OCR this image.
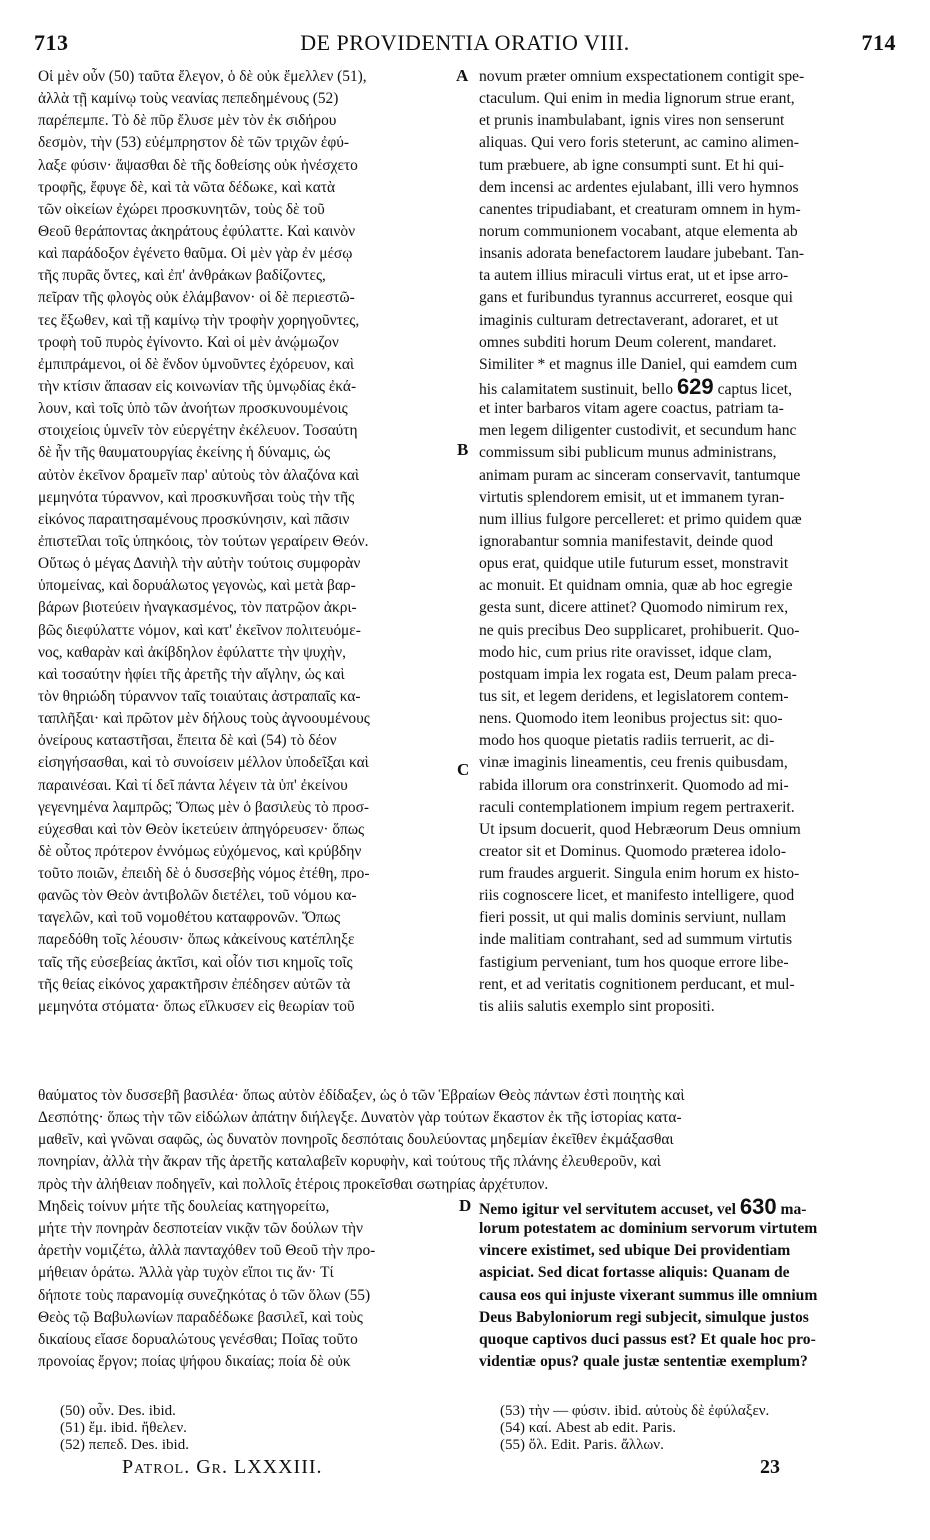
713	DE PROVIDENTIA ORATIO VIII.	714
Οἱ μὲν οὖν (50) ταῦτα ἔλεγον, ὁ δὲ οὐκ ἔμελλεν (51),
ἀλλὰ τῇ καμίνῳ τοὺς νεανίας πεπεδημένους (52)
παρέπεμπε. Τὸ δὲ πῦρ ἔλυσε μὲν τὸν ἐκ σιδήρου
δεσμὸν, τὴν (53) εὐέμπρηστον δὲ τῶν τριχῶν ἐφύ-
λαξε φύσιν· ἅψασθαι δὲ τῆς δοθείσης οὐκ ἠνέσχετο
τροφῆς, ἔφυγε δὲ, καὶ τὰ νῶτα δέδωκε, καὶ κατὰ
τῶν οἰκείων ἐχώρει προσκυνητῶν, τοὺς δὲ τοῦ
Θεοῦ θεράποντας ἀκηράτους ἐφύλαττε. Καὶ καινὸν
καὶ παράδοξον ἐγένετο θαῦμα. Οἱ μὲν γὰρ ἐν μέσῳ
τῆς πυρᾶς ὄντες, καὶ ἐπ' ἀνθράκων βαδίζοντες,
πεῖραν τῆς φλογὸς οὐκ ἐλάμβανον· οἱ δὲ περιεστῶ-
τες ἔξωθεν, καὶ τῇ καμίνῳ τὴν τροφὴν χορηγοῦντες,
τροφὴ τοῦ πυρὸς ἐγίνοντο. Καὶ οἱ μὲν ἀνῴμωζον
ἐμπιπράμενοι, οἱ δὲ ἔνδον ὑμνοῦντες ἐχόρευον, καὶ
τὴν κτίσιν ἅπασαν εἰς κοινωνίαν τῆς ὑμνῳδίας ἐκά-
λουν, καὶ τοῖς ὑπὸ τῶν ἀνοήτων προσκυνουμένοις
στοιχείοις ὑμνεῖν τὸν εὐεργέτην ἐκέλευον. Τοσαύτη
δὲ ἦν τῆς θαυματουργίας ἐκείνης ἡ δύναμις, ὡς
αὐτὸν ἐκεῖνον δραμεῖν παρ' αὐτοὺς τὸν ἀλαζόνα καὶ
μεμηνότα τύραννον, καὶ προσκυνῆσαι τοὺς τὴν τῆς
εἰκόνος παραιτησαμένους προσκύνησιν, καὶ πᾶσιν
ἐπιστεῖλαι τοῖς ὑπηκόοις, τὸν τούτων γεραίρειν Θεόν.
Οὕτως ὁ μέγας Δανιὴλ τὴν αὐτὴν τούτοις συμφορὰν
ὑπομείνας, καὶ δορυάλωτος γεγονὼς, καὶ μετὰ βαρ-
βάρων βιοτεύειν ἠναγκασμένος, τὸν πατρῷον ἀκρι-
βῶς διεφύλαττε νόμον, καὶ κατ' ἐκεῖνον πολιτευόμε-
νος, καθαρὰν καὶ ἀκίβδηλον ἐφύλαττε τὴν ψυχὴν,
καὶ τοσαύτην ἠφίει τῆς ἀρετῆς τὴν αἴγλην, ὡς καὶ
τὸν θηριώδη τύραννον ταῖς τοιαύταις ἀστραπαῖς κα-
ταπλῆξαι· καὶ πρῶτον μὲν δήλους τοὺς ἀγνοουμένους
ὀνείρους καταστῆσαι, ἔπειτα δὲ καὶ (54) τὸ δέον
εἰσηγήσασθαι, καὶ τὸ συνοίσειν μέλλον ὑποδεῖξαι καὶ
παραινέσαι. Καὶ τί δεῖ πάντα λέγειν τὰ ὑπ' ἐκείνου
γεγενημένα λαμπρῶς; Ὅπως μὲν ὁ βασιλεὺς τὸ προσ-
εύχεσθαι καὶ τὸν Θεὸν ἱκετεύειν ἀπηγόρευσεν· ὅπως
δὲ οὗτος πρότερον ἐννόμως εὐχόμενος, καὶ κρύβδην
τοῦτο ποιῶν, ἐπειδὴ δὲ ὁ δυσσεβὴς νόμος ἐτέθη, προ-
φανῶς τὸν Θεὸν ἀντιβολῶν διετέλει, τοῦ νόμου κα-
ταγελῶν, καὶ τοῦ νομοθέτου καταφρονῶν. Ὅπως
παρεδόθη τοῖς λέουσιν· ὅπως κἀκείνους κατέπληξε
ταῖς τῆς εὐσεβείας ἀκτῖσι, καὶ οἷόν τισι κημοῖς τοῖς
τῆς θείας εἰκόνος χαρακτῆρσιν ἐπέδησεν αὐτῶν τὰ
μεμηνότα στόματα· ὅπως εἵλκυσεν εἰς θεωρίαν τοῦ
novum præter omnium exspectationem contigit spe-
ctaculum. Qui enim in media lignorum strue erant,
et prunis inambulabant, ignis vires non senserunt
aliquas. Qui vero foris steterunt, ac camino alimen-
tum præbuere, ab igne consumpti sunt. Et hi qui-
dem incensi ac ardentes ejulabant, illi vero hymnos
canentes tripudiabant, et creaturam omnem in hym-
norum communionem vocabant, atque elementa ab
insanis adorata benefactorem laudare jubebant. Tan-
ta autem illius miraculi virtus erat, ut et ipse arro-
gans et furibundus tyrannus accurreret, eosque qui
imaginis culturam detrectaverant, adoraret, et ut
omnes subditi horum Deum colerent, mandaret.
Similiter * et magnus ille Daniel, qui eamdem cum
his calamitatem sustinuit, bello 629 captus licet,
et inter barbaros vitam agere coactus, patriam ta-
men legem diligenter custodivit, et secundum hanc
commissum sibi publicum munus administrans,
animam puram ac sinceram conservavit, tantumque
virtutis splendorem emisit, ut et immanem tyran-
num illius fulgore percelleret: et primo quidem quæ
ignorabantur somnia manifestavit, deinde quod
opus erat, quidque utile futurum esset, monstravit
ac monuit. Et quidnam omnia, quæ ab hoc egregie
gesta sunt, dicere attinet? Quomodo nimirum rex,
ne quis precibus Deo supplicaret, prohibuerit. Quo-
modo hic, cum prius rite oravisset, idque clam,
postquam impia lex rogata est, Deum palam preca-
tus sit, et legem deridens, et legislatorem contem-
nens. Quomodo item leonibus projectus sit: quo-
modo hos quoque pietatis radiis terruerit, ac di-
vinæ imaginis lineamentis, ceu frenis quibusdam,
rabida illorum ora constrinxerit. Quomodo ad mi-
raculi contemplationem impium regem pertraxerit.
Ut ipsum docuerit, quod Hebræorum Deus omnium
creator sit et Dominus. Quomodo præterea idolo-
rum fraudes arguerit. Singula enim horum ex histo-
riis cognoscere licet, et manifesto intelligere, quod
fieri possit, ut qui malis dominis serviunt, nullam
inde malitiam contrahant, sed ad summum virtutis
fastigium perveniant, tum hos quoque errore libe-
rent, et ad veritatis cognitionem perducant, et mul-
tis aliis salutis exemplo sint propositi.
θαύματος τὸν δυσσεβῆ βασιλέα· ὅπως αὐτὸν ἐδίδαξεν, ὡς ὁ τῶν Ἑβραίων Θεὸς πάντων ἐστὶ ποιητὴς καὶ
Δεσπότης· ὅπως τὴν τῶν εἰδώλων ἀπάτην διήλεγξε. Δυνατὸν γὰρ τούτων ἕκαστον ἐκ τῆς ἱστορίας κατα-
μαθεῖν, καὶ γνῶναι σαφῶς, ὡς δυνατὸν πονηροῖς δεσπόταις δουλεύοντας μηδεμίαν ἐκεῖθεν ἐκμάξασθαι
πονηρίαν, ἀλλὰ τὴν ἄκραν τῆς ἀρετῆς καταλαβεῖν κορυφὴν, καὶ τούτους τῆς πλάνης ἐλευθεροῦν, καὶ
πρὸς τὴν ἀλήθειαν ποδηγεῖν, καὶ πολλοῖς ἑτέροις προκεῖσθαι σωτηρίας ἀρχέτυπον.
Μηδεὶς τοίνυν μήτε τῆς δουλείας κατηγορείτω,
μήτε τὴν πονηρὰν δεσποτείαν νικᾷν τῶν δούλων τὴν
ἀρετὴν νομιζέτω, ἀλλὰ πανταχόθεν τοῦ Θεοῦ τὴν προ-
μήθειαν ὁράτω. Ἀλλὰ γὰρ τυχὸν εἴποι τις ἄν· Τί
δήποτε τοὺς παρανομίᾳ συνεζηκότας ὁ τῶν ὅλων (55)
Θεὸς τῷ Βαβυλωνίων παραδέδωκε βασιλεῖ, καὶ τοὺς
δικαίους εἴασε δορυαλώτους γενέσθαι; Ποῖας τοῦτο
προνοίας ἔργον; ποίας ψήφου δικαίας; ποία δὲ οὐκ
Nemo igitur vel servitutem accuset, vel 630 ma-
lorum potestatem ac dominium servorum virtutem
vincere existimet, sed ubique Dei providentiam
aspiciat. Sed dicat fortasse aliquis: Quanam de
causa eos qui injuste vixerant summus ille omnium
Deus Babyloniorum regi subjecit, simulque justos
quoque captivos duci passus est? Et quale hoc pro-
videntiæ opus? quale justæ sententiæ exemplum?
A
B
C
D
(50) οὖν. Des. ibid.
(51) ἔμ. ibid. ἤθελεν.
(52) πεπεδ. Des. ibid.
(53) τὴν — φύσιν. ibid. αὐτοὺς δὲ ἐφύλαξεν.
(54) καί. Abest ab edit. Paris.
(55) ὅλ. Edit. Paris. ἄλλων.
Patrol. Gr. LXXXIII.	23
